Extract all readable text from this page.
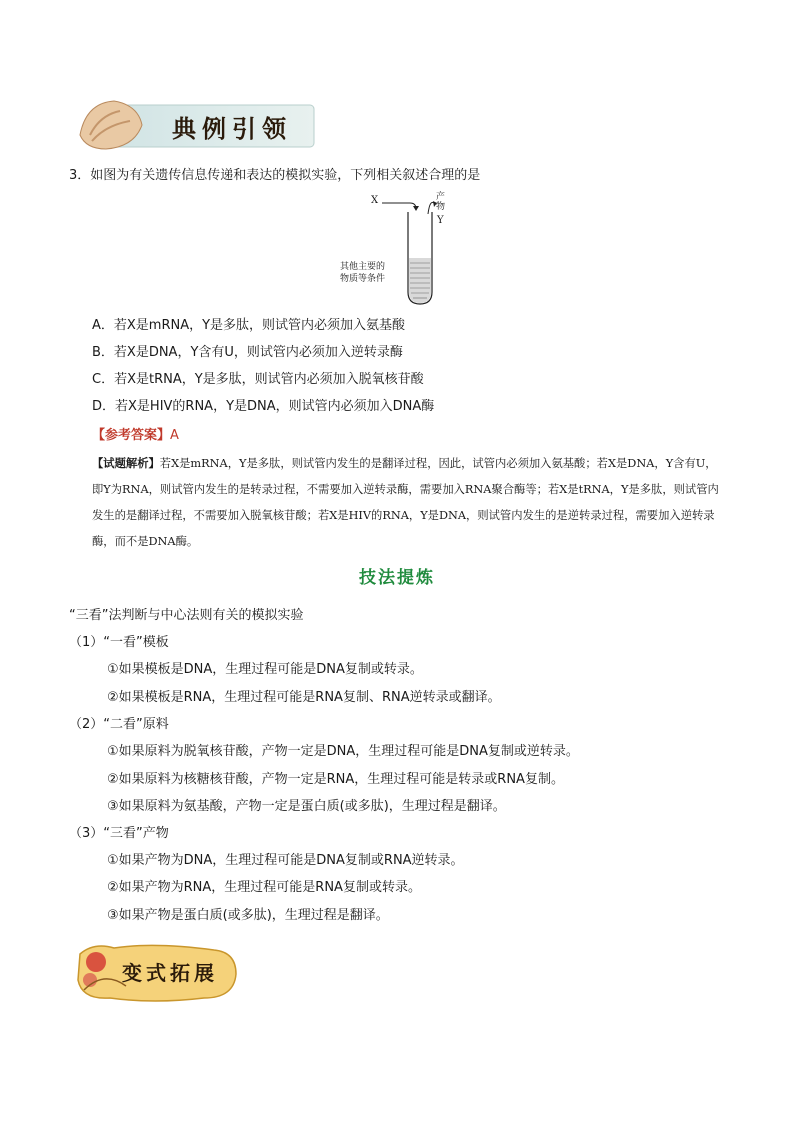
典例引领
3．如图为有关遗传信息传递和表达的模拟实验，下列相关叙述合理的是
X	产物
Y
其他主要的
物质等条件
A．若X是mRNA，Y是多肽，则试管内必须加入氨基酸
B．若X是DNA，Y含有U，则试管内必须加入逆转录酶
C．若X是tRNA，Y是多肽，则试管内必须加入脱氧核苷酸
D．若X是HIV的RNA，Y是DNA，则试管内必须加入DNA酶
【参考答案】A
【试题解析】若X是mRNA，Y是多肽，则试管内发生的是翻译过程，因此，试管内必须加入氨基酸；若X是DNA，Y含有U，即Y为RNA，则试管内发生的是转录过程，不需要加入逆转录酶，需要加入RNA聚合酶等；若X是tRNA，Y是多肽，则试管内发生的是翻译过程，不需要加入脱氧核苷酸；若X是HIV的RNA，Y是DNA，则试管内发生的是逆转录过程，需要加入逆转录酶，而不是DNA酶。
技法提炼
“三看”法判断与中心法则有关的模拟实验
（1）“一看”模板
①如果模板是DNA，生理过程可能是DNA复制或转录。
②如果模板是RNA，生理过程可能是RNA复制、RNA逆转录或翻译。
（2）“二看”原料
①如果原料为脱氧核苷酸，产物一定是DNA，生理过程可能是DNA复制或逆转录。
②如果原料为核糖核苷酸，产物一定是RNA，生理过程可能是转录或RNA复制。
③如果原料为氨基酸，产物一定是蛋白质(或多肽)，生理过程是翻译。
（3）“三看”产物
①如果产物为DNA，生理过程可能是DNA复制或RNA逆转录。
②如果产物为RNA，生理过程可能是RNA复制或转录。
③如果产物是蛋白质(或多肽)，生理过程是翻译。
变式拓展
